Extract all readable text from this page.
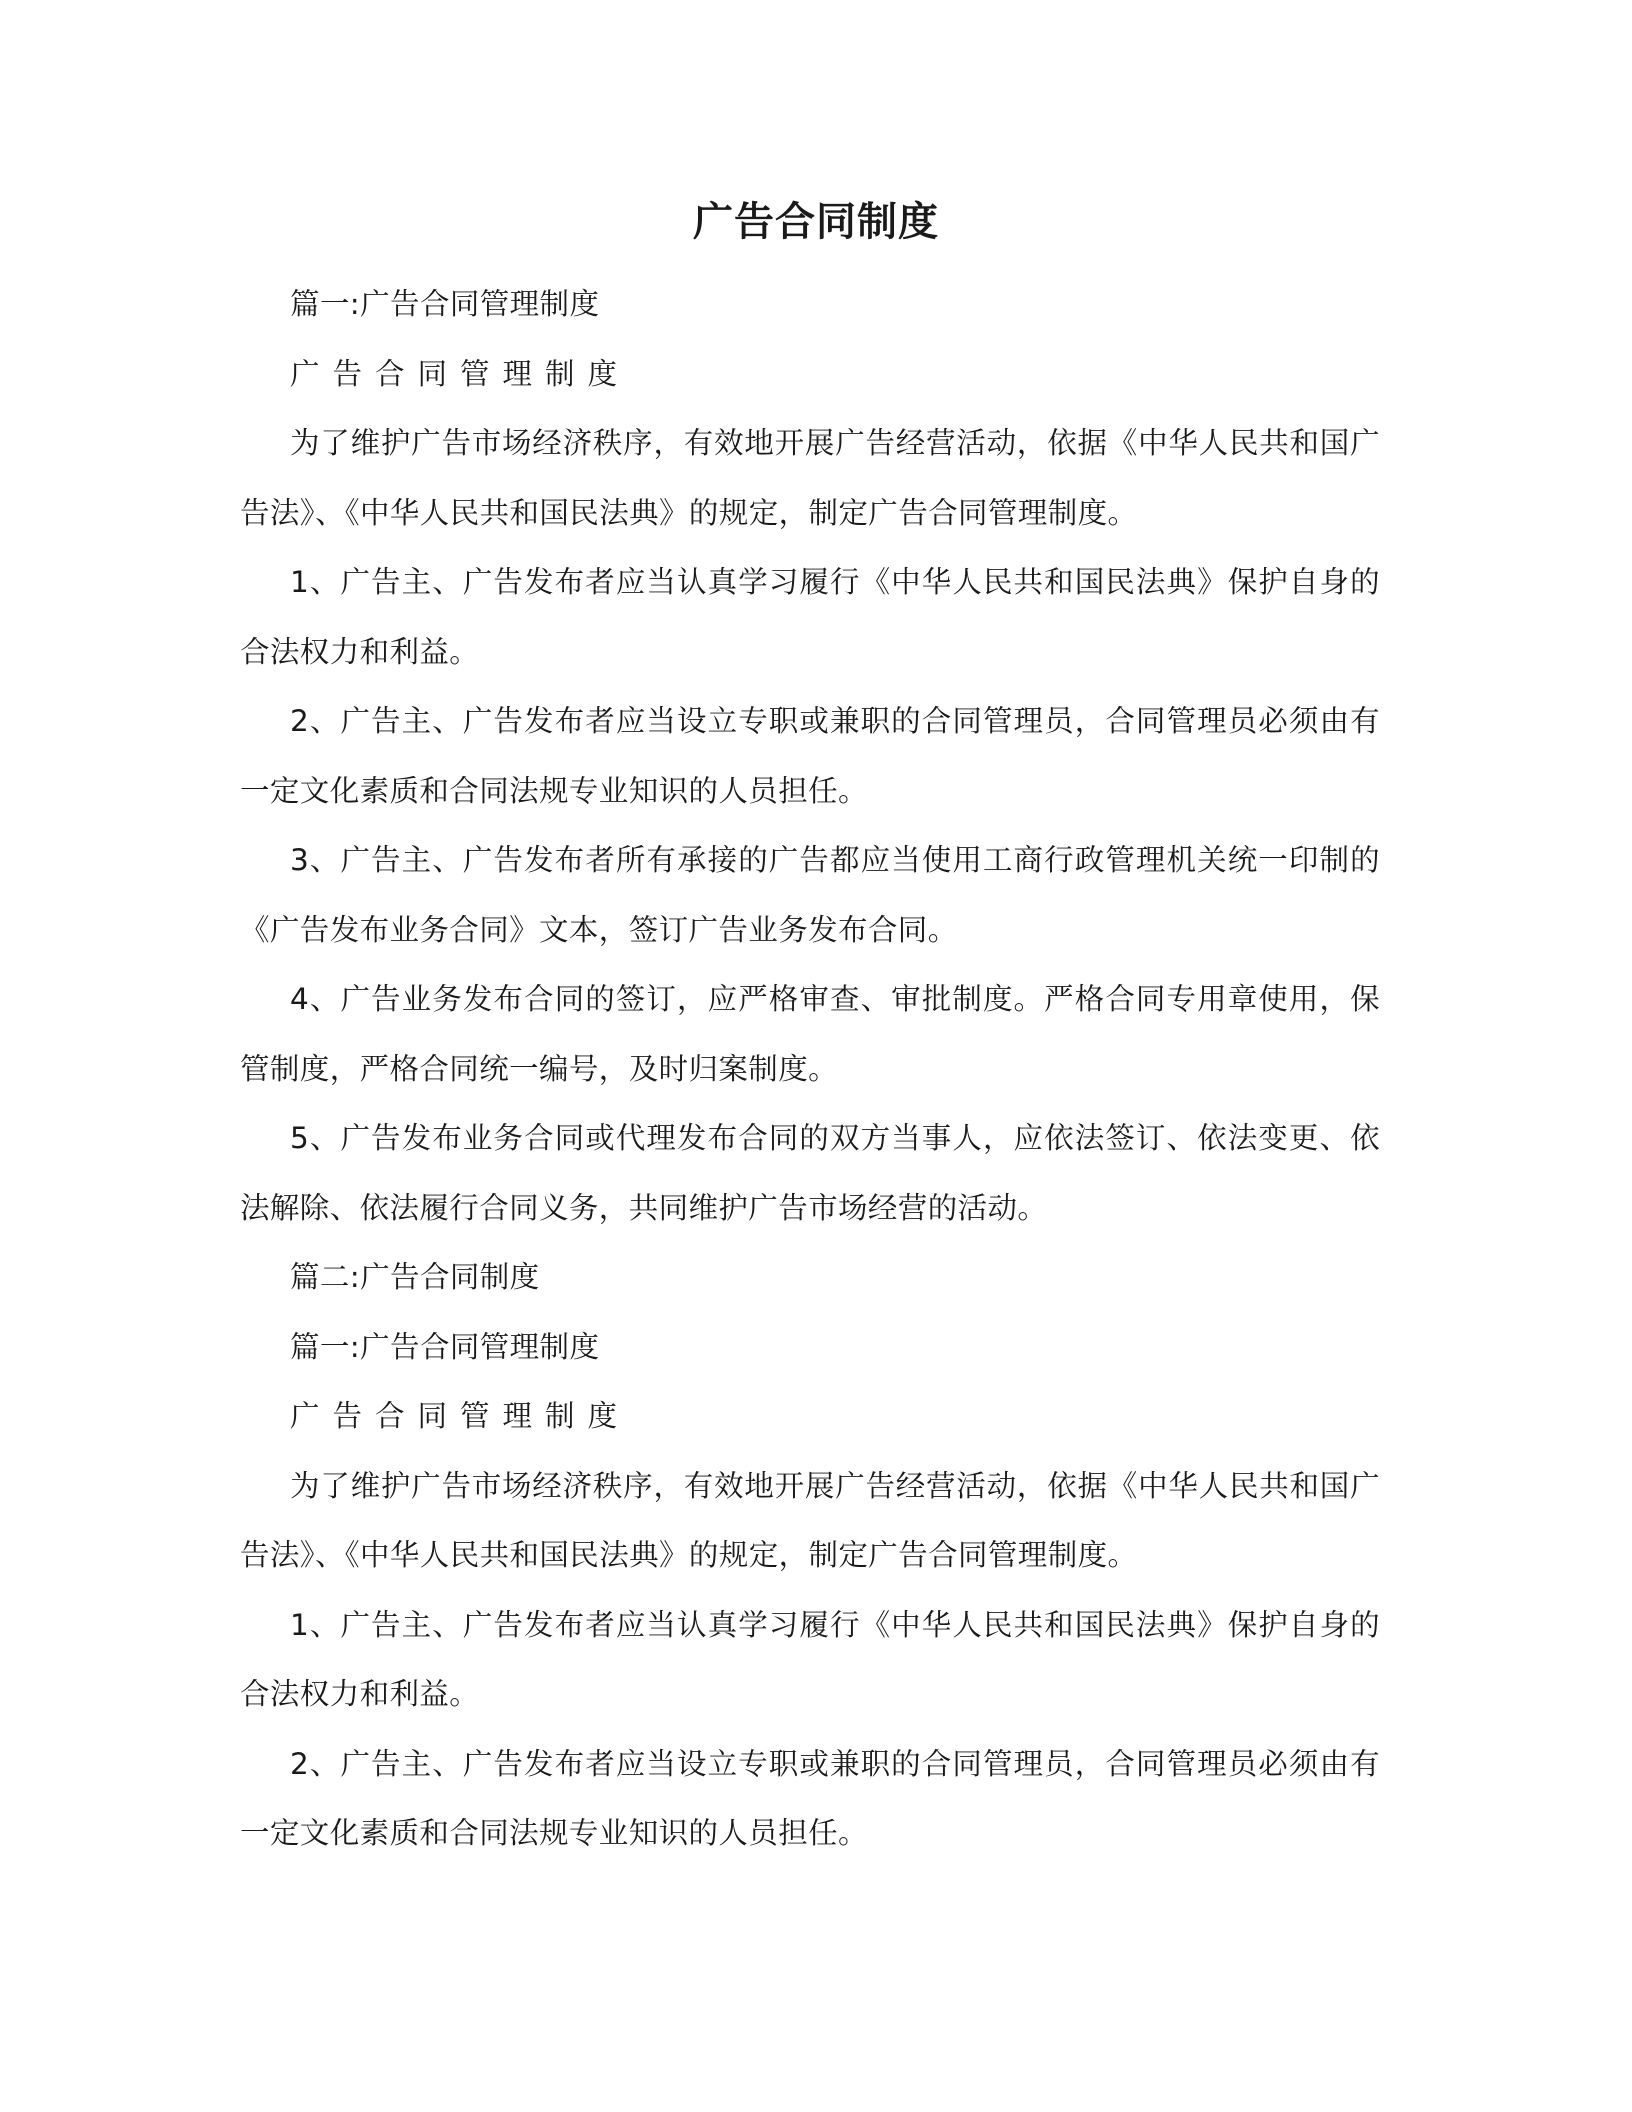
广告合同制度

篇一:广告合同管理制度

广告合同管理制度

为了维护广告市场经济秩序，有效地开展广告经营活动，依据《中华人民共和国广告法》、《中华人民共和国民法典》的规定，制定广告合同管理制度。

1、广告主、广告发布者应当认真学习履行《中华人民共和国民法典》保护自身的合法权力和利益。

2、广告主、广告发布者应当设立专职或兼职的合同管理员，合同管理员必须由有一定文化素质和合同法规专业知识的人员担任。

3、广告主、广告发布者所有承接的广告都应当使用工商行政管理机关统一印制的《广告发布业务合同》文本，签订广告业务发布合同。

4、广告业务发布合同的签订，应严格审查、审批制度。严格合同专用章使用，保管制度，严格合同统一编号，及时归案制度。

5、广告发布业务合同或代理发布合同的双方当事人，应依法签订、依法变更、依法解除、依法履行合同义务，共同维护广告市场经营的活动。

篇二:广告合同制度

篇一:广告合同管理制度

广告合同管理制度

为了维护广告市场经济秩序，有效地开展广告经营活动，依据《中华人民共和国广告法》、《中华人民共和国民法典》的规定，制定广告合同管理制度。

1、广告主、广告发布者应当认真学习履行《中华人民共和国民法典》保护自身的合法权力和利益。

2、广告主、广告发布者应当设立专职或兼职的合同管理员，合同管理员必须由有一定文化素质和合同法规专业知识的人员担任。
